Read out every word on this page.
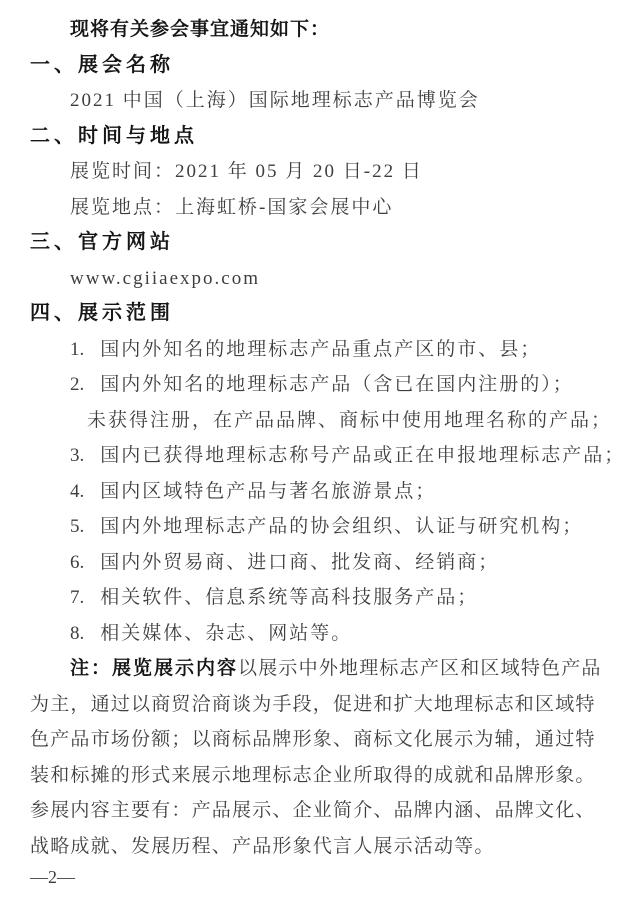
现将有关参会事宜通知如下：
一、展会名称
2021 中国（上海）国际地理标志产品博览会
二、时间与地点
展览时间：2021 年 05 月 20 日-22 日
展览地点：上海虹桥-国家会展中心
三、官方网站
www.cgiiaexpo.com
四、展示范围
1. 国内外知名的地理标志产品重点产区的市、县；
2. 国内外知名的地理标志产品（含已在国内注册的）；
未获得注册，在产品品牌、商标中使用地理名称的产品；
3. 国内已获得地理标志称号产品或正在申报地理标志产品；
4. 国内区域特色产品与著名旅游景点；
5. 国内外地理标志产品的协会组织、认证与研究机构；
6. 国内外贸易商、进口商、批发商、经销商；
7. 相关软件、信息系统等高科技服务产品；
8. 相关媒体、杂志、网站等。
注：展览展示内容以展示中外地理标志产区和区域特色产品
为主，通过以商贸洽商谈为手段，促进和扩大地理标志和区域特
色产品市场份额；以商标品牌形象、商标文化展示为辅，通过特
装和标摊的形式来展示地理标志企业所取得的成就和品牌形象。
参展内容主要有：产品展示、企业简介、品牌内涵、品牌文化、
战略成就、发展历程、产品形象代言人展示活动等。
—2—
